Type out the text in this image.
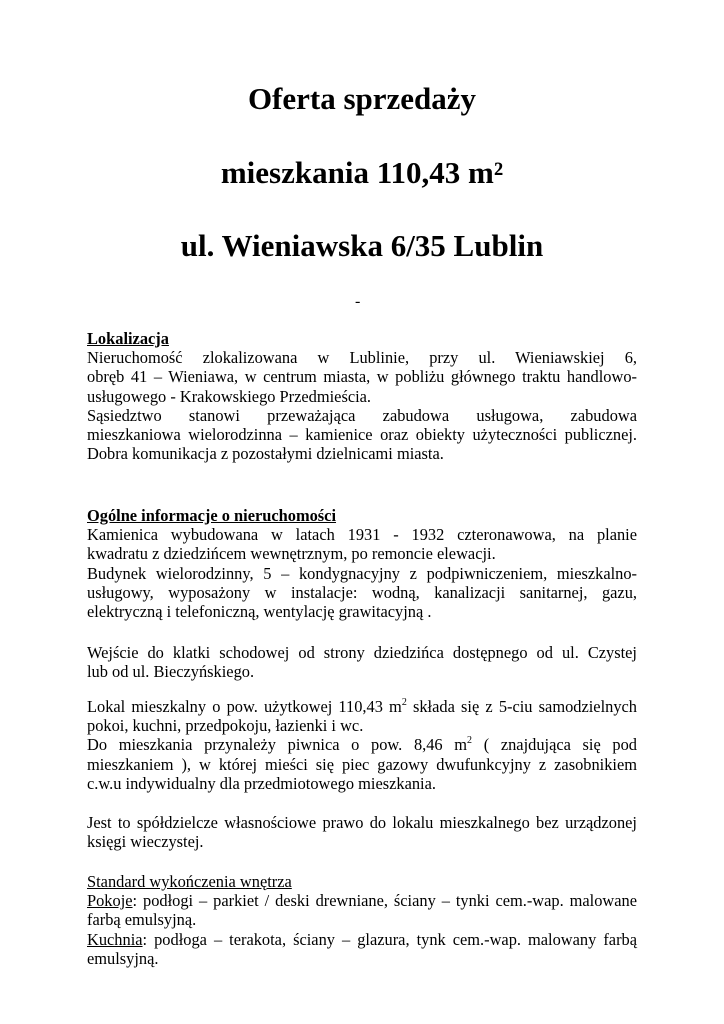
Oferta sprzedaży
mieszkania 110,43 m²
ul. Wieniawska 6/35 Lublin
-
Lokalizacja
Nieruchomość zlokalizowana w Lublinie, przy ul. Wieniawskiej 6,
obręb 41 – Wieniawa, w centrum miasta, w pobliżu głównego traktu handlowo-
usługowego - Krakowskiego Przedmieścia.
Sąsiedztwo stanowi przeważająca zabudowa usługowa, zabudowa
mieszkaniowa wielorodzinna – kamienice oraz obiekty użyteczności publicznej.
Dobra komunikacja z pozostałymi dzielnicami miasta.
Ogólne informacje o nieruchomości
Kamienica wybudowana w latach 1931 - 1932 czteronawowa, na planie
kwadratu z dziedzińcem wewnętrznym, po remoncie elewacji.
Budynek wielorodzinny, 5 – kondygnacyjny z podpiwniczeniem, mieszkalno-
usługowy, wyposażony w instalacje: wodną, kanalizacji sanitarnej, gazu,
elektryczną i telefoniczną, wentylację grawitacyjną .
Wejście do klatki schodowej od strony dziedzińca dostępnego od ul. Czystej
lub od ul. Bieczyńskiego.
Lokal mieszkalny o pow. użytkowej 110,43 $m^2$ składa się z 5-ciu samodzielnych
pokoi, kuchni, przedpokoju, łazienki i wc.
Do mieszkania przynależy piwnica o pow. 8,46 $m^2$ ( znajdująca się pod
mieszkaniem ), w której mieści się piec gazowy dwufunkcyjny z zasobnikiem
c.w.u indywidualny dla przedmiotowego mieszkania.
Jest to spółdzielcze własnościowe prawo do lokalu mieszkalnego bez urządzonej
księgi wieczystej.
Standard wykończenia wnętrza
Pokoje: podłogi – parkiet / deski drewniane, ściany – tynki cem.-wap. malowane
farbą emulsyjną.
Kuchnia: podłoga – terakota, ściany – glazura, tynk cem.-wap. malowany farbą
emulsyjną.
